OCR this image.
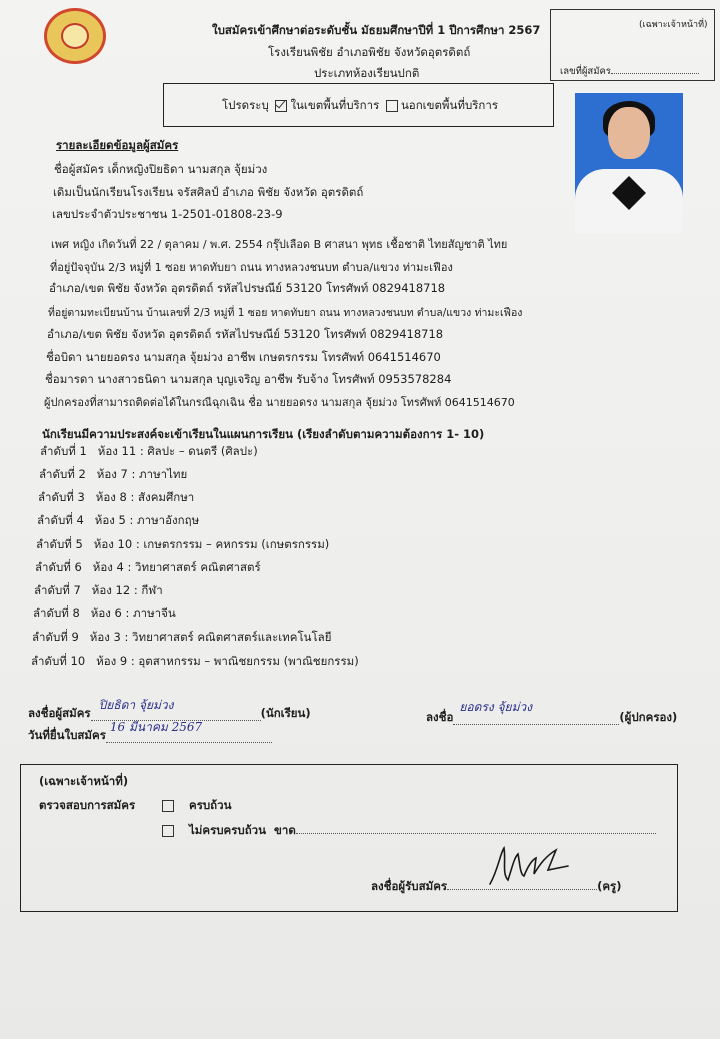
ใบสมัครเข้าศึกษาต่อระดับชั้น มัธยมศึกษาปีที่ 1 ปีการศึกษา 2567
โรงเรียนพิชัย อำเภอพิชัย จังหวัดอุตรดิตถ์
ประเภทห้องเรียนปกติ
(เฉพาะเจ้าหน้าที่)
เลขที่ผู้สมัคร
โปรดระบุ ในเขตพื้นที่บริการ นอกเขตพื้นที่บริการ
รายละเอียดข้อมูลผู้สมัคร
ชื่อผู้สมัคร เด็กหญิงปิยธิดา นามสกุล จุ้ยม่วง
เดิมเป็นนักเรียนโรงเรียน จรัสศิลป์ อำเภอ พิชัย จังหวัด อุตรดิตถ์
เลขประจำตัวประชาชน 1-2501-01808-23-9
เพศ หญิง เกิดวันที่ 22 / ตุลาคม / พ.ศ. 2554 กรุ๊ปเลือด B ศาสนา พุทธ เชื้อชาติ ไทยสัญชาติ ไทย
ที่อยู่ปัจจุบัน 2/3 หมู่ที่ 1 ซอย หาดทับยา ถนน ทางหลวงชนบท ตำบล/แขวง ท่ามะเฟือง
อำเภอ/เขต พิชัย จังหวัด อุตรดิตถ์ รหัสไปรษณีย์ 53120 โทรศัพท์ 0829418718
ที่อยู่ตามทะเบียนบ้าน บ้านเลขที่ 2/3 หมู่ที่ 1 ซอย หาดทับยา ถนน ทางหลวงชนบท ตำบล/แขวง ท่ามะเฟือง
อำเภอ/เขต พิชัย จังหวัด อุตรดิตถ์ รหัสไปรษณีย์ 53120 โทรศัพท์ 0829418718
ชื่อบิดา นายยอดรง นามสกุล จุ้ยม่วง อาชีพ เกษตรกรรม โทรศัพท์ 0641514670
ชื่อมารดา นางสาวธนิดา นามสกุล บุญเจริญ อาชีพ รับจ้าง โทรศัพท์ 0953578284
ผู้ปกครองที่สามารถติดต่อได้ในกรณีฉุกเฉิน ชื่อ นายยอดรง นามสกุล จุ้ยม่วง โทรศัพท์ 0641514670
นักเรียนมีความประสงค์จะเข้าเรียนในแผนการเรียน (เรียงลำดับตามความต้องการ 1- 10)
ลำดับที่ 1 ห้อง 11 : ศิลปะ – ดนตรี (ศิลปะ)
ลำดับที่ 2 ห้อง 7 : ภาษาไทย
ลำดับที่ 3 ห้อง 8 : สังคมศึกษา
ลำดับที่ 4 ห้อง 5 : ภาษาอังกฤษ
ลำดับที่ 5 ห้อง 10 : เกษตรกรรม – คหกรรม (เกษตรกรรม)
ลำดับที่ 6 ห้อง 4 : วิทยาศาสตร์ คณิตศาสตร์
ลำดับที่ 7 ห้อง 12 : กีฬา
ลำดับที่ 8 ห้อง 6 : ภาษาจีน
ลำดับที่ 9 ห้อง 3 : วิทยาศาสตร์ คณิตศาสตร์และเทคโนโลยี
ลำดับที่ 10 ห้อง 9 : อุตสาหกรรม – พาณิชยกรรม (พาณิชยกรรม)
ลงชื่อผู้สมัคร
ปิยธิดา จุ้ยม่วง
(นักเรียน)
วันที่ยื่นใบสมัคร
16 มีนาคม 2567

ลงชื่อ
ยอดรง จุ้ยม่วง
(ผู้ปกครอง)
(เฉพาะเจ้าหน้าที่)
ตรวจสอบการสมัคร	ครบถ้วน
ไม่ครบครบถ้วน ขาด
ลงชื่อผู้รับสมัคร	(ครู)
